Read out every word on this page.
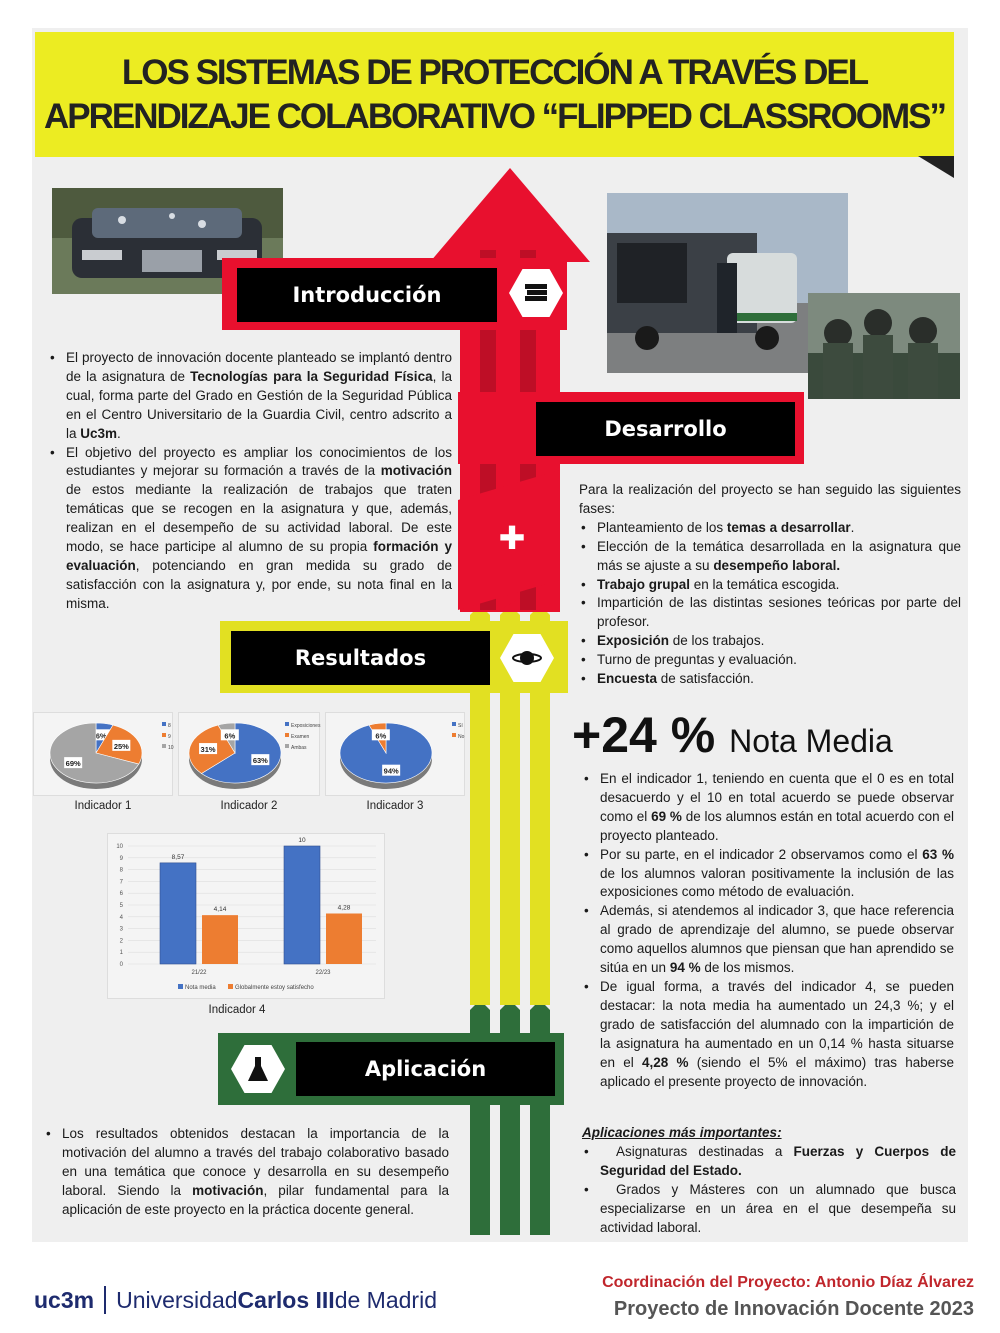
LOS SISTEMAS DE PROTECCIÓN A TRAVÉS DEL
APRENDIZAJE COLABORATIVO “FLIPPED CLASSROOMS”
Introducción
• El proyecto de innovación docente planteado se implantó dentro de la asignatura de Tecnologías para la Seguridad Física, la cual, forma parte del Grado en Gestión de la Seguridad Pública en el Centro Universitario de la Guardia Civil, centro adscrito a la Uc3m.
• El objetivo del proyecto es ampliar los conocimientos de los estudiantes y mejorar su formación a través de la motivación de estos mediante la realización de trabajos que traten temáticas que se recogen en la asignatura y que, además, realizan en el desempeño de su actividad laboral. De este modo, se hace participe al alumno de su propia formación y evaluación, potenciando en gran medida su grado de satisfacción con la asignatura y, por ende, su nota final en la misma.
Desarrollo
✚
Para la realización del proyecto se han seguido las siguientes fases:
• Planteamiento de los temas a desarrollar.
• Elección de la temática desarrollada en la asignatura que más se ajuste a su desempeño laboral.
• Trabajo grupal en la temática escogida.
• Impartición de las distintas sesiones teóricas por parte del profesor.
• Exposición de los trabajos.
• Turno de preguntas y evaluación.
• Encuesta de satisfacción.
Resultados
6%
25%
69%
8
9
10
63%
31%
6%
Exposiciones
Examen
Ambas
94%
6%
Sí
No
Indicador 1	Indicador 2	Indicador 3
0
1
2
3
4
5
6
7
8
9
10
8,57
4,14
21/22
10
4,28
22/23
Nota media	Globalmente estoy satisfecho
Indicador 4
+24 % Nota Media
• En el indicador 1, teniendo en cuenta que el 0 es en total desacuerdo y el 10 en total acuerdo se puede observar como el 69 % de los alumnos están en total acuerdo con el proyecto planteado.
• Por su parte, en el indicador 2 observamos como el 63 % de los alumnos valoran positivamente la inclusión de las exposiciones como método de evaluación.
• Además, si atendemos al indicador 3, que hace referencia al grado de aprendizaje del alumno, se puede observar como aquellos alumnos que piensan que han aprendido se sitúa en un 94 % de los mismos.
• De igual forma, a través del indicador 4, se pueden destacar: la nota media ha aumentado un 24,3 %; y el grado de satisfacción del alumnado con la impartición de la asignatura ha aumentado en un 0,14 % hasta situarse en el 4,28 % (siendo el 5% el máximo) tras haberse aplicado el presente proyecto de innovación.
Aplicación
• Los resultados obtenidos destacan la importancia de la motivación del alumno a través del trabajo colaborativo basado en una temática que conoce y desarrolla en su desempeño laboral. Siendo la motivación, pilar fundamental para la aplicación de este proyecto en la práctica docente general.
Aplicaciones más importantes:
• Asignaturas destinadas a Fuerzas y Cuerpos de Seguridad del Estado.
• Grados y Másteres con un alumnado que busca especializarse en un área en el que desempeña su actividad laboral.
uc3m Universidad Carlos III de Madrid
Coordinación del Proyecto: Antonio Díaz Álvarez
Proyecto de Innovación Docente 2023
